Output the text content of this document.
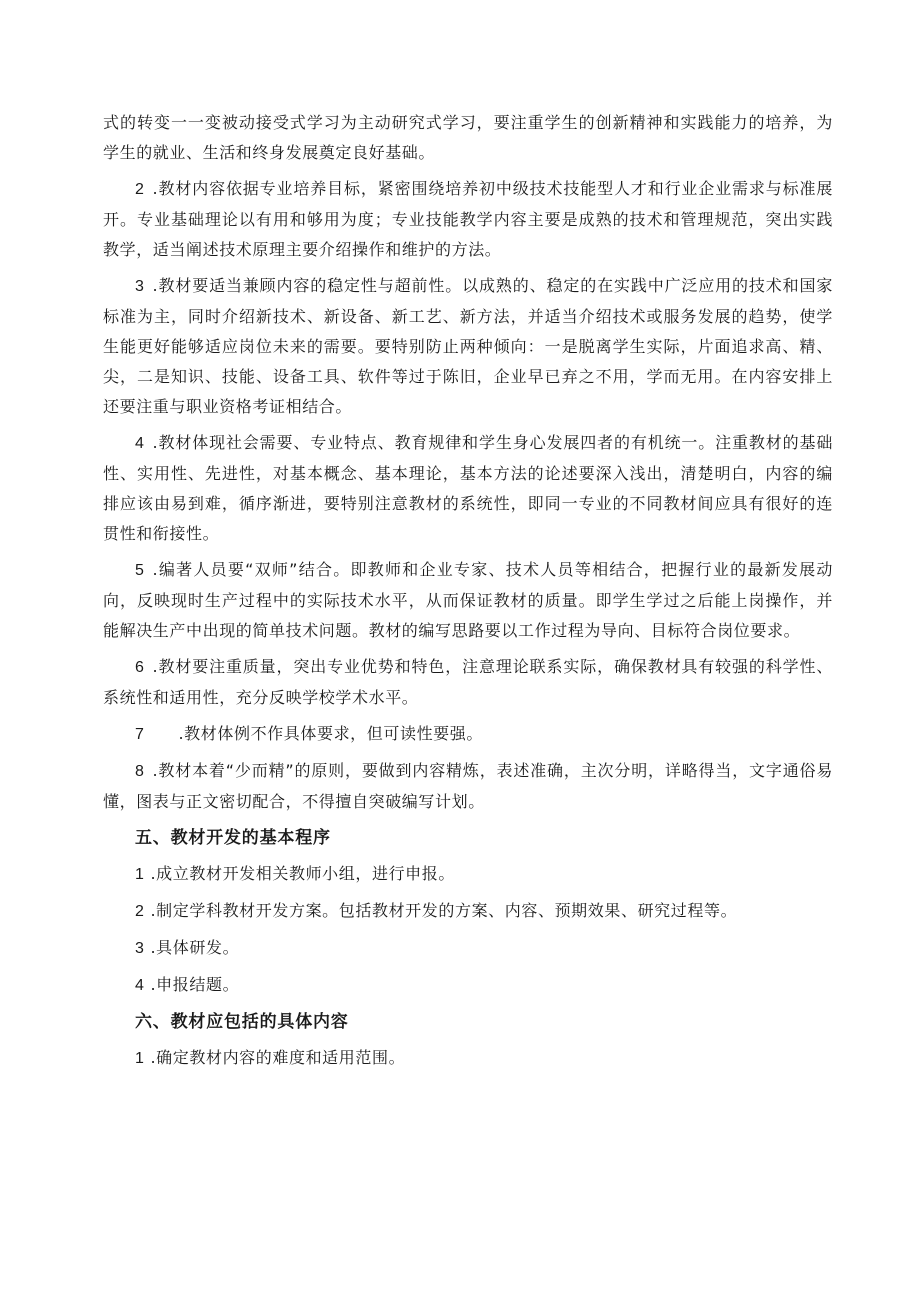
式的转变一一变被动接受式学习为主动研究式学习，要注重学生的创新精神和实践能力的培养，为学生的就业、生活和终身发展奠定良好基础。

2 .教材内容依据专业培养目标，紧密围绕培养初中级技术技能型人才和行业企业需求与标准展开。专业基础理论以有用和够用为度；专业技能教学内容主要是成熟的技术和管理规范，突出实践教学，适当阐述技术原理主要介绍操作和维护的方法。

3 .教材要适当兼顾内容的稳定性与超前性。以成熟的、稳定的在实践中广泛应用的技术和国家标准为主，同时介绍新技术、新设备、新工艺、新方法，并适当介绍技术或服务发展的趋势，使学生能更好能够适应岗位未来的需要。要特别防止两种倾向：一是脱离学生实际，片面追求高、精、尖，二是知识、技能、设备工具、软件等过于陈旧，企业早已弃之不用，学而无用。在内容安排上还要注重与职业资格考证相结合。

4 .教材体现社会需要、专业特点、教育规律和学生身心发展四者的有机统一。注重教材的基础性、实用性、先进性，对基本概念、基本理论，基本方法的论述要深入浅出，清楚明白，内容的编排应该由易到难，循序渐进，要特别注意教材的系统性，即同一专业的不同教材间应具有很好的连贯性和衔接性。

5 .编著人员要“双师”结合。即教师和企业专家、技术人员等相结合，把握行业的最新发展动向，反映现时生产过程中的实际技术水平，从而保证教材的质量。即学生学过之后能上岗操作，并能解决生产中出现的简单技术问题。教材的编写思路要以工作过程为导向、目标符合岗位要求。

6 .教材要注重质量，突出专业优势和特色，注意理论联系实际，确保教材具有较强的科学性、系统性和适用性，充分反映学校学术水平。

7 .教材体例不作具体要求，但可读性要强。

8 .教材本着“少而精”的原则，要做到内容精炼，表述准确，主次分明，详略得当，文字通俗易懂，图表与正文密切配合，不得擅自突破编写计划。

五、教材开发的基本程序

1 .成立教材开发相关教师小组，进行申报。

2 .制定学科教材开发方案。包括教材开发的方案、内容、预期效果、研究过程等。

3 .具体研发。

4 .申报结题。

六、教材应包括的具体内容

1 .确定教材内容的难度和适用范围。
